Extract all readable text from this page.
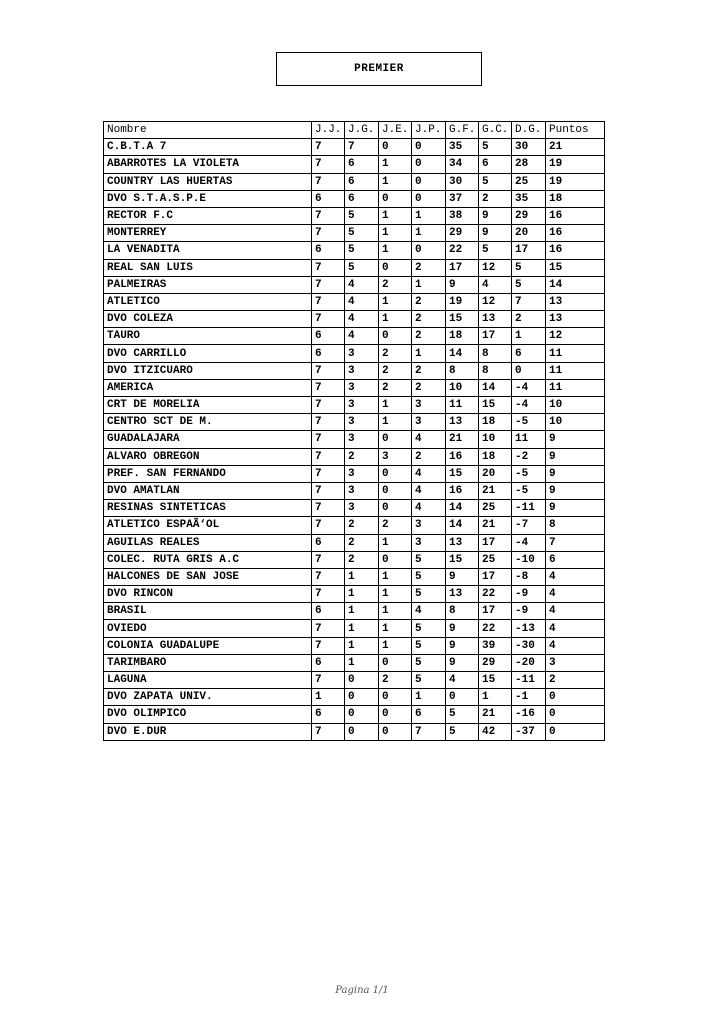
PREMIER
Nombre	J.J.	J.G.	J.E.	J.P.	G.F.	G.C.	D.G.	Puntos
C.B.T.A 7	7	7	0	0	35	5	30	21
ABARROTES LA VIOLETA	7	6	1	0	34	6	28	19
COUNTRY LAS HUERTAS	7	6	1	0	30	5	25	19
DVO S.T.A.S.P.E	6	6	0	0	37	2	35	18
RECTOR F.C	7	5	1	1	38	9	29	16
MONTERREY	7	5	1	1	29	9	20	16
LA VENADITA	6	5	1	0	22	5	17	16
REAL SAN LUIS	7	5	0	2	17	12	5	15
PALMEIRAS	7	4	2	1	9	4	5	14
ATLETICO	7	4	1	2	19	12	7	13
DVO COLEZA	7	4	1	2	15	13	2	13
TAURO	6	4	0	2	18	17	1	12
DVO CARRILLO	6	3	2	1	14	8	6	11
DVO ITZICUARO	7	3	2	2	8	8	0	11
AMERICA	7	3	2	2	10	14	-4	11
CRT DE MORELIA	7	3	1	3	11	15	-4	10
CENTRO SCT DE M.	7	3	1	3	13	18	-5	10
GUADALAJARA	7	3	0	4	21	10	11	9
ALVARO OBREGON	7	2	3	2	16	18	-2	9
PREF. SAN FERNANDO	7	3	0	4	15	20	-5	9
DVO AMATLAN	7	3	0	4	16	21	-5	9
RESINAS SINTETICAS	7	3	0	4	14	25	-11	9
ATLETICO ESPAÃ‘OL	7	2	2	3	14	21	-7	8
AGUILAS REALES	6	2	1	3	13	17	-4	7
COLEC. RUTA GRIS A.C	7	2	0	5	15	25	-10	6
HALCONES DE SAN JOSE	7	1	1	5	9	17	-8	4
DVO RINCON	7	1	1	5	13	22	-9	4
BRASIL	6	1	1	4	8	17	-9	4
OVIEDO	7	1	1	5	9	22	-13	4
COLONIA GUADALUPE	7	1	1	5	9	39	-30	4
TARIMBARO	6	1	0	5	9	29	-20	3
LAGUNA	7	0	2	5	4	15	-11	2
DVO ZAPATA UNIV.	1	0	0	1	0	1	-1	0
DVO OLIMPICO	6	0	0	6	5	21	-16	0
DVO E.DUR	7	0	0	7	5	42	-37	0
Pagina 1/1
